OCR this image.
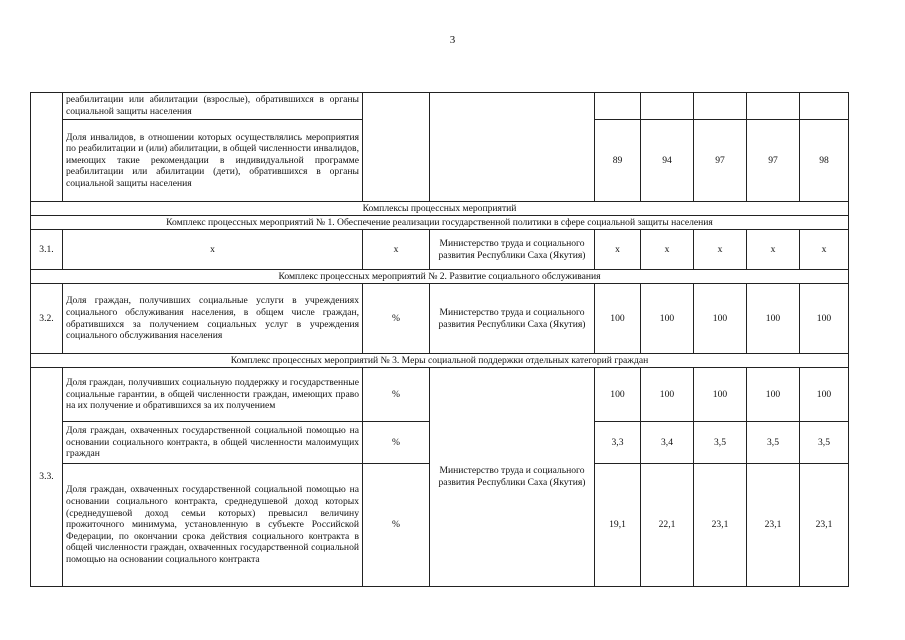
3
	реабилитации или абилитации (взрослые), обратившихся в органы социальной защиты населения							
	Доля инвалидов, в отношении которых осуществлялись мероприятия по реабилитации и (или) абилитации, в общей численности инвалидов, имеющих такие рекомендации в индивидуальной программе реабилитации или абилитации (дети), обратившихся в органы социальной защиты населения			89	94	97	97	98
Комплексы процессных мероприятий								
Комплекс процессных мероприятий № 1. Обеспечение реализации государственной политики в сфере социальной защиты населения								
3.1.	х	х	Министерство труда и социального развития Республики Саха (Якутия)	х	х	х	х	х
Комплекс процессных мероприятий № 2. Развитие социального обслуживания								
3.2.	Доля граждан, получивших социальные услуги в учреждениях социального обслуживания населения, в общем числе граждан, обратившихся за получением социальных услуг в учреждения социального обслуживания населения	%	Министерство труда и социального развития Республики Саха (Якутия)	100	100	100	100	100
Комплекс процессных мероприятий № 3. Меры социальной поддержки отдельных категорий граждан								
3.3.	Доля граждан, получивших социальную поддержку и государственные социальные гарантии, в общей численности граждан, имеющих право на их получение и обратившихся за их получением	%	Министерство труда и социального развития Республики Саха (Якутия)	100	100	100	100	100
	Доля граждан, охваченных государственной социальной помощью на основании социального контракта, в общей численности малоимущих граждан	%		3,3	3,4	3,5	3,5	3,5
	Доля граждан, охваченных государственной социальной помощью на основании социального контракта, среднедушевой доход которых (среднедушевой доход семьи которых) превысил величину прожиточного минимума, установленную в субъекте Российской Федерации, по окончании срока действия социального контракта в общей численности граждан, охваченных государственной социальной помощью на основании социального контракта	%		19,1	22,1	23,1	23,1	23,1
